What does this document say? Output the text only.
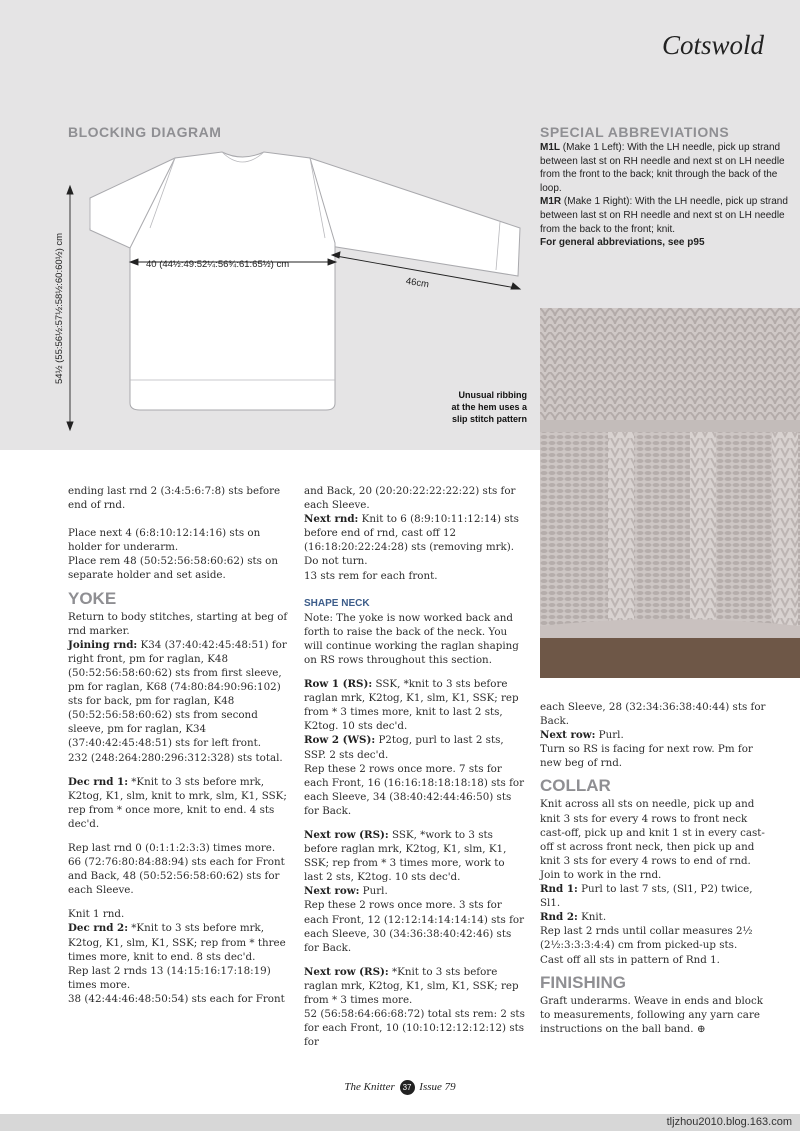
Cotswold
BLOCKING DIAGRAM
40 (44½:49:52¼:56¾:61:65½) cm
46cm
54½ (55:56½:57½:58½:60:60½) cm
Unusual ribbing
at the hem uses a
slip stitch pattern
SPECIAL ABBREVIATIONS

M1L (Make 1 Left): With the LH needle, pick up strand between last st on RH needle and next st on LH needle from the front to the back; knit through the back of the loop.

M1R (Make 1 Right): With the LH needle, pick up strand between last st on RH needle and next st on LH needle from the back to the front; knit.

For general abbreviations, see p95

ending last rnd 2 (3:4:5:6:7:8) sts before end of rnd.

Place next 4 (6:8:10:12:14:16) sts on holder for underarm.

Place rem 48 (50:52:56:58:60:62) sts on separate holder and set aside.

YOKE

Return to body stitches, starting at beg of rnd marker.

Joining rnd: K34 (37:40:42:45:48:51) for right front, pm for raglan, K48 (50:52:56:58:60:62) sts from first sleeve, pm for raglan, K68 (74:80:84:90:96:102) sts for back, pm for raglan, K48 (50:52:56:58:60:62) sts from second sleeve, pm for raglan, K34 (37:40:42:45:48:51) sts for left front.

232 (248:264:280:296:312:328) sts total.

Dec rnd 1: *Knit to 3 sts before mrk, K2tog, K1, slm, knit to mrk, slm, K1, SSK; rep from * once more, knit to end. 4 sts dec'd.

Rep last rnd 0 (0:1:1:2:3:3) times more.

66 (72:76:80:84:88:94) sts each for Front and Back, 48 (50:52:56:58:60:62) sts for each Sleeve.

Knit 1 rnd.

Dec rnd 2: *Knit to 3 sts before mrk, K2tog, K1, slm, K1, SSK; rep from * three times more, knit to end. 8 sts dec'd.

Rep last 2 rnds 13 (14:15:16:17:18:19) times more.

38 (42:44:46:48:50:54) sts each for Front

and Back, 20 (20:20:22:22:22:22) sts for each Sleeve.

Next rnd: Knit to 6 (8:9:10:11:12:14) sts before end of rnd, cast off 12 (16:18:20:22:24:28) sts (removing mrk). Do not turn.

13 sts rem for each front.

SHAPE NECK

Note: The yoke is now worked back and forth to raise the back of the neck. You will continue working the raglan shaping on RS rows throughout this section.

Row 1 (RS): SSK, *knit to 3 sts before raglan mrk, K2tog, K1, slm, K1, SSK; rep from * 3 times more, knit to last 2 sts, K2tog. 10 sts dec'd.

Row 2 (WS): P2tog, purl to last 2 sts, SSP. 2 sts dec'd.

Rep these 2 rows once more. 7 sts for each Front, 16 (16:16:18:18:18:18) sts for each Sleeve, 34 (38:40:42:44:46:50) sts for Back.

Next row (RS): SSK, *work to 3 sts before raglan mrk, K2tog, K1, slm, K1, SSK; rep from * 3 times more, work to last 2 sts, K2tog. 10 sts dec'd.

Next row: Purl.

Rep these 2 rows once more. 3 sts for each Front, 12 (12:12:14:14:14:14) sts for each Sleeve, 30 (34:36:38:40:42:46) sts for Back.

Next row (RS): *Knit to 3 sts before raglan mrk, K2tog, K1, slm, K1, SSK; rep from * 3 times more.

52 (56:58:64:66:68:72) total sts rem: 2 sts for each Front, 10 (10:10:12:12:12:12) sts for

each Sleeve, 28 (32:34:36:38:40:44) sts for Back.

Next row: Purl.

Turn so RS is facing for next row. Pm for new beg of rnd.

COLLAR

Knit across all sts on needle, pick up and knit 3 sts for every 4 rows to front neck cast-off, pick up and knit 1 st in every cast-off st across front neck, then pick up and knit 3 sts for every 4 rows to end of rnd. Join to work in the rnd.

Rnd 1: Purl to last 7 sts, (Sl1, P2) twice, Sl1.

Rnd 2: Knit.

Rep last 2 rnds until collar measures 2½ (2½:3:3:3:4:4) cm from picked-up sts.

Cast off all sts in pattern of Rnd 1.

FINISHING

Graft underarms. Weave in ends and block to measurements, following any yarn care instructions on the ball band. ⊕

The Knitter 37 Issue 79
tljzhou2010.blog.163.com
